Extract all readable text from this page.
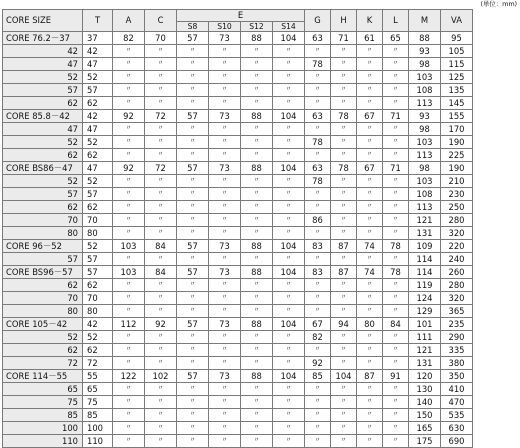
(単位：mm)
CORE SIZE	T	A	C	E				G	H	K	L	M	VA
				S8	S10	S12	S14						
CORE 76.2－37	37	82	70	57	73	88	104	63	71	61	65	88	95
42	42	〃	〃	〃	〃	〃	〃	〃	〃	〃	〃	93	105
47	47	〃	〃	〃	〃	〃	〃	78	〃	〃	〃	98	115
52	52	〃	〃	〃	〃	〃	〃	〃	〃	〃	〃	103	125
57	57	〃	〃	〃	〃	〃	〃	〃	〃	〃	〃	108	135
62	62	〃	〃	〃	〃	〃	〃	〃	〃	〃	〃	113	145
CORE 85.8－42	42	92	72	57	73	88	104	63	78	67	71	93	155
47	47	〃	〃	〃	〃	〃	〃	〃	〃	〃	〃	98	170
52	52	〃	〃	〃	〃	〃	〃	78	〃	〃	〃	103	190
62	62	〃	〃	〃	〃	〃	〃	〃	〃	〃	〃	113	225
CORE BS86－47	47	92	72	57	73	88	104	63	78	67	71	98	190
52	52	〃	〃	〃	〃	〃	〃	78	〃	〃	〃	103	210
57	57	〃	〃	〃	〃	〃	〃	〃	〃	〃	〃	108	230
62	62	〃	〃	〃	〃	〃	〃	〃	〃	〃	〃	113	250
70	70	〃	〃	〃	〃	〃	〃	86	〃	〃	〃	121	280
80	80	〃	〃	〃	〃	〃	〃	〃	〃	〃	〃	131	320
CORE 96－52	52	103	84	57	73	88	104	83	87	74	78	109	220
57	57	〃	〃	〃	〃	〃	〃	〃	〃	〃	〃	114	240
CORE BS96－57	57	103	84	57	73	88	104	83	87	74	78	114	260
62	62	〃	〃	〃	〃	〃	〃	〃	〃	〃	〃	119	280
70	70	〃	〃	〃	〃	〃	〃	〃	〃	〃	〃	124	320
80	80	〃	〃	〃	〃	〃	〃	〃	〃	〃	〃	129	365
CORE 105－42	42	112	92	57	73	88	104	67	94	80	84	101	235
52	52	〃	〃	〃	〃	〃	〃	82	〃	〃	〃	111	290
62	62	〃	〃	〃	〃	〃	〃	〃	〃	〃	〃	121	335
72	72	〃	〃	〃	〃	〃	〃	92	〃	〃	〃	131	380
CORE 114－55	55	122	102	57	73	88	104	85	104	87	91	120	350
65	65	〃	〃	〃	〃	〃	〃	〃	〃	〃	〃	130	410
75	75	〃	〃	〃	〃	〃	〃	〃	〃	〃	〃	140	470
85	85	〃	〃	〃	〃	〃	〃	〃	〃	〃	〃	150	535
100	100	〃	〃	〃	〃	〃	〃	〃	〃	〃	〃	165	630
110	110	〃	〃	〃	〃	〃	〃	〃	〃	〃	〃	175	690
